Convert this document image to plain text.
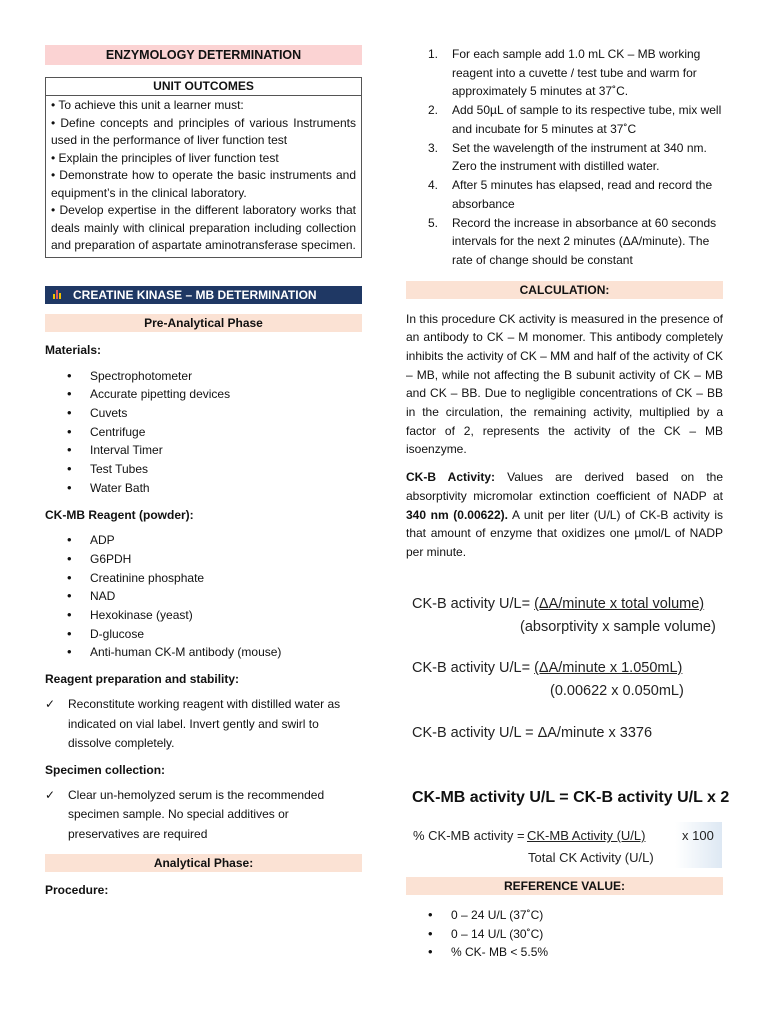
ENZYMOLOGY DETERMINATION
UNIT OUTCOMES

• To achieve this unit a learner must:

• Define concepts and principles of various Instruments used in the performance of liver function test

• Explain the principles of liver function test

• Demonstrate how to operate the basic instruments and equipment’s in the clinical laboratory.

• Develop expertise in the different laboratory works that deals mainly with clinical preparation including collection and preparation of aspartate aminotransferase specimen.

CREATINE KINASE – MB DETERMINATION
Pre-Analytical Phase
Materials:
• Spectrophotometer
• Accurate pipetting devices
• Cuvets
• Centrifuge
• Interval Timer
• Test Tubes
• Water Bath
CK-MB Reagent (powder):
• ADP
• G6PDH
• Creatinine phosphate
• NAD
• Hexokinase (yeast)
• D-glucose
• Anti-human CK-M antibody (mouse)
Reagent preparation and stability:
✓ Reconstitute working reagent with distilled water as indicated on vial label. Invert gently and swirl to dissolve completely.
Specimen collection:
✓ Clear un-hemolyzed serum is the recommended specimen sample. No special additives or preservatives are required
Analytical Phase:
Procedure:
1. For each sample add 1.0 mL CK – MB working reagent into a cuvette / test tube and warm for approximately 5 minutes at 37˚C.
2. Add 50µL of sample to its respective tube, mix well and incubate for 5 minutes at 37˚C
3. Set the wavelength of the instrument at 340 nm. Zero the instrument with distilled water.
4. After 5 minutes has elapsed, read and record the absorbance
5. Record the increase in absorbance at 60 seconds intervals for the next 2 minutes (ΔA/minute). The rate of change should be constant
CALCULATION:
In this procedure CK activity is measured in the presence of an antibody to CK – M monomer. This antibody completely inhibits the activity of CK – MM and half of the activity of CK – MB, while not affecting the B subunit activity of CK – MB and CK – BB. Due to negligible concentrations of CK – BB in the circulation, the remaining activity, multiplied by a factor of 2, represents the activity of the CK – MB isoenzyme.
CK-B Activity: Values are derived based on the absorptivity micromolar extinction coefficient of NADP at 340 nm (0.00622). A unit per liter (U/L) of CK-B activity is that amount of enzyme that oxidizes one µmol/L of NADP per minute.
CK-B activity U/L= (ΔA/minute x total volume)
(absorptivity x sample volume)
CK-B activity U/L= (ΔA/minute x 1.050mL)
(0.00622 x 0.050mL)
CK-B activity U/L = ΔA/minute x 3376
CK-MB activity U/L = CK-B activity U/L x 2
% CK-MB activity = CK-MB Activity (U/L)
Total CK Activity (U/L)
x 100
REFERENCE VALUE:
• 0 – 24 U/L (37˚C)
• 0 – 14 U/L (30˚C)
• % CK- MB < 5.5%
